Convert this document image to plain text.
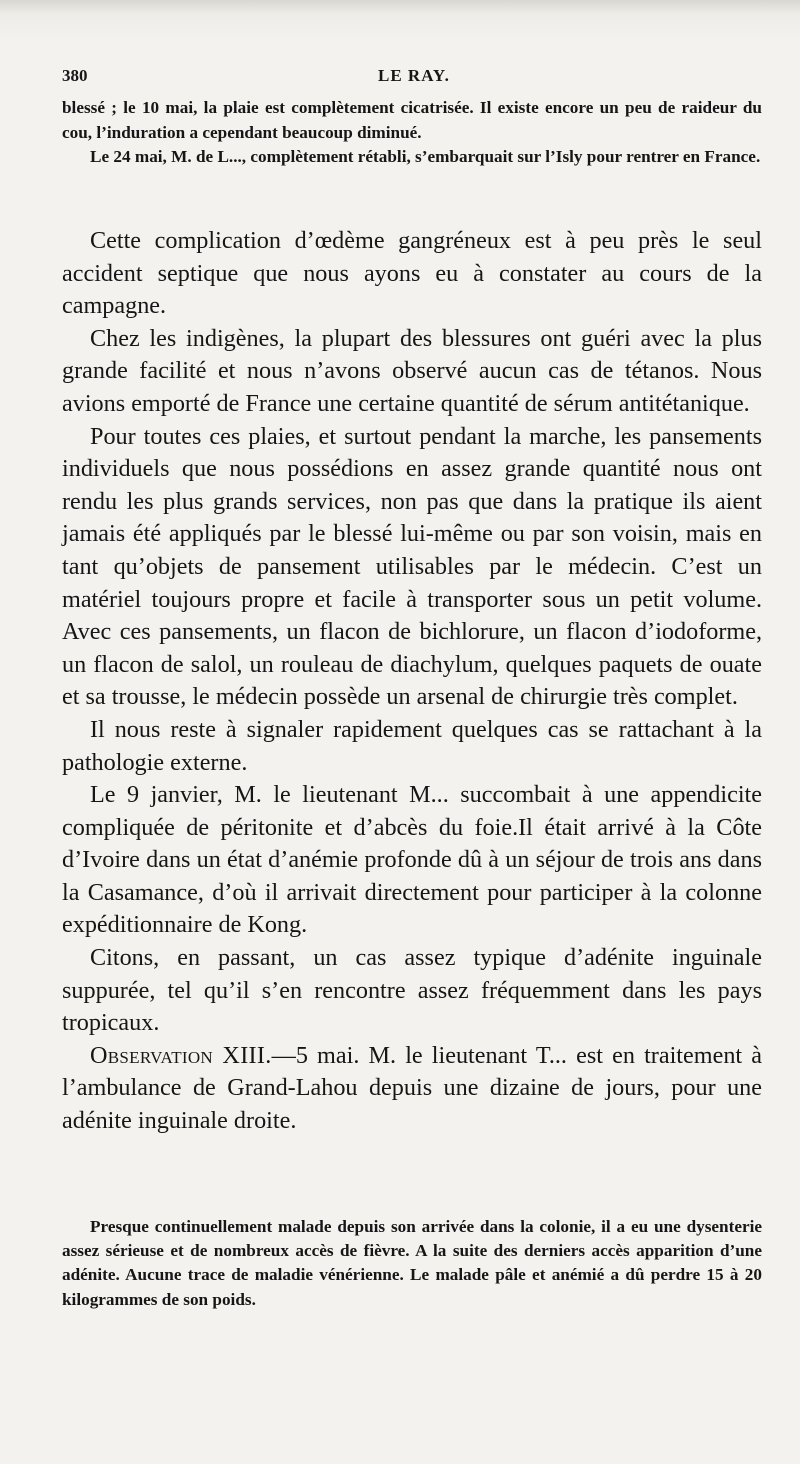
380	LE RAY.

blessé ; le 10 mai, la plaie est complètement cicatrisée. Il existe encore un peu de raideur du cou, l’induration a cependant beaucoup diminué.

Le 24 mai, M. de L..., complètement rétabli, s’embarquait sur l’Isly pour rentrer en France.

Cette complication d’œdème gangréneux est à peu près le seul accident septique que nous ayons eu à constater au cours de la campagne.

Chez les indigènes, la plupart des blessures ont guéri avec la plus grande facilité et nous n’avons observé aucun cas de tétanos. Nous avions emporté de France une certaine quantité de sérum antitétanique.

Pour toutes ces plaies, et surtout pendant la marche, les pansements individuels que nous possédions en assez grande quantité nous ont rendu les plus grands services, non pas que dans la pratique ils aient jamais été appliqués par le blessé lui-même ou par son voisin, mais en tant qu’objets de pansement utilisables par le médecin. C’est un matériel toujours propre et facile à transporter sous un petit volume. Avec ces pansements, un flacon de bichlorure, un flacon d’iodoforme, un flacon de salol, un rouleau de diachylum, quelques paquets de ouate et sa trousse, le médecin possède un arsenal de chirurgie très complet.

Il nous reste à signaler rapidement quelques cas se rattachant à la pathologie externe.

Le 9 janvier, M. le lieutenant M... succombait à une appendicite compliquée de péritonite et d’abcès du foie.Il était arrivé à la Côte d’Ivoire dans un état d’anémie profonde dû à un séjour de trois ans dans la Casamance, d’où il arrivait directement pour participer à la colonne expéditionnaire de Kong.

Citons, en passant, un cas assez typique d’adénite inguinale suppurée, tel qu’il s’en rencontre assez fréquemment dans les pays tropicaux.

Observation XIII.—5 mai. M. le lieutenant T... est en traitement à l’ambulance de Grand-Lahou depuis une dizaine de jours, pour une adénite inguinale droite.

Presque continuellement malade depuis son arrivée dans la colonie, il a eu une dysenterie assez sérieuse et de nombreux accès de fièvre. A la suite des derniers accès apparition d’une adénite. Aucune trace de maladie vénérienne. Le malade pâle et anémié a dû perdre 15 à 20 kilogrammes de son poids.
